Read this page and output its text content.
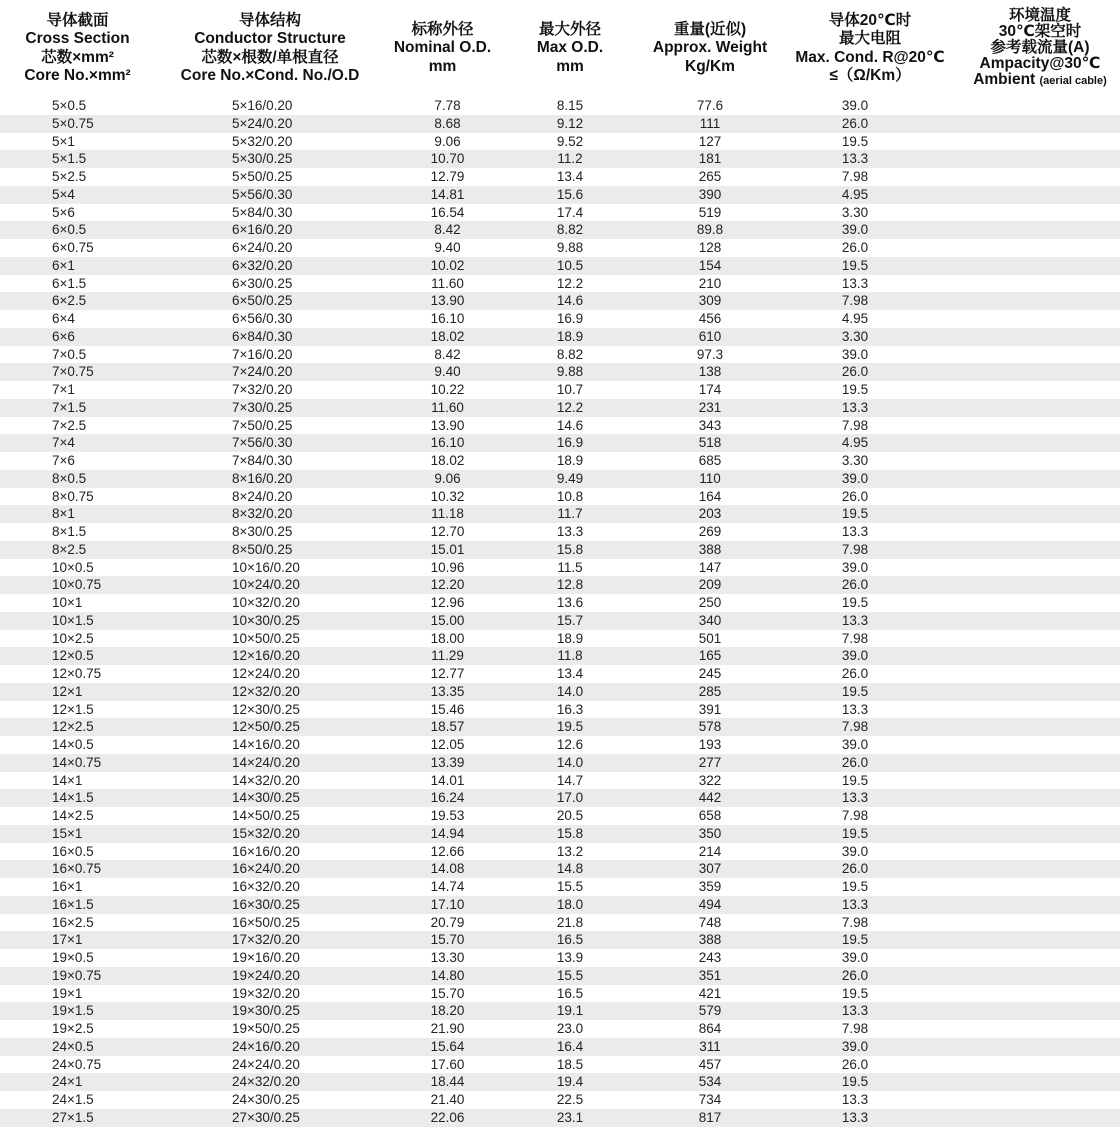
导体截面
Cross Section
芯数×mm²
Core No.×mm²	导体结构
Conductor Structure
芯数×根数/单根直径
Core No.×Cond. No./O.D	标称外径
Nominal O.D.
mm	最大外径
Max O.D.
mm	重量(近似)
Approx. Weight
Kg/Km	导体20℃时
最大电阻
Max. Cond. R@20℃
≤（Ω/Km）	环境温度
30℃架空时
参考载流量(A)
Ampacity@30℃
Ambient (aerial cable)

5×0.5	5×16/0.20	7.78	8.15	77.6	39.0	
5×0.75	5×24/0.20	8.68	9.12	111	26.0	
5×1	5×32/0.20	9.06	9.52	127	19.5	
5×1.5	5×30/0.25	10.70	11.2	181	13.3	
5×2.5	5×50/0.25	12.79	13.4	265	7.98	
5×4	5×56/0.30	14.81	15.6	390	4.95	
5×6	5×84/0.30	16.54	17.4	519	3.30	
6×0.5	6×16/0.20	8.42	8.82	89.8	39.0	
6×0.75	6×24/0.20	9.40	9.88	128	26.0	
6×1	6×32/0.20	10.02	10.5	154	19.5	
6×1.5	6×30/0.25	11.60	12.2	210	13.3	
6×2.5	6×50/0.25	13.90	14.6	309	7.98	
6×4	6×56/0.30	16.10	16.9	456	4.95	
6×6	6×84/0.30	18.02	18.9	610	3.30	
7×0.5	7×16/0.20	8.42	8.82	97.3	39.0	
7×0.75	7×24/0.20	9.40	9.88	138	26.0	
7×1	7×32/0.20	10.22	10.7	174	19.5	
7×1.5	7×30/0.25	11.60	12.2	231	13.3	
7×2.5	7×50/0.25	13.90	14.6	343	7.98	
7×4	7×56/0.30	16.10	16.9	518	4.95	
7×6	7×84/0.30	18.02	18.9	685	3.30	
8×0.5	8×16/0.20	9.06	9.49	110	39.0	
8×0.75	8×24/0.20	10.32	10.8	164	26.0	
8×1	8×32/0.20	11.18	11.7	203	19.5	
8×1.5	8×30/0.25	12.70	13.3	269	13.3	
8×2.5	8×50/0.25	15.01	15.8	388	7.98	
10×0.5	10×16/0.20	10.96	11.5	147	39.0	
10×0.75	10×24/0.20	12.20	12.8	209	26.0	
10×1	10×32/0.20	12.96	13.6	250	19.5	
10×1.5	10×30/0.25	15.00	15.7	340	13.3	
10×2.5	10×50/0.25	18.00	18.9	501	7.98	
12×0.5	12×16/0.20	11.29	11.8	165	39.0	
12×0.75	12×24/0.20	12.77	13.4	245	26.0	
12×1	12×32/0.20	13.35	14.0	285	19.5	
12×1.5	12×30/0.25	15.46	16.3	391	13.3	
12×2.5	12×50/0.25	18.57	19.5	578	7.98	
14×0.5	14×16/0.20	12.05	12.6	193	39.0	
14×0.75	14×24/0.20	13.39	14.0	277	26.0	
14×1	14×32/0.20	14.01	14.7	322	19.5	
14×1.5	14×30/0.25	16.24	17.0	442	13.3	
14×2.5	14×50/0.25	19.53	20.5	658	7.98	
15×1	15×32/0.20	14.94	15.8	350	19.5	
16×0.5	16×16/0.20	12.66	13.2	214	39.0	
16×0.75	16×24/0.20	14.08	14.8	307	26.0	
16×1	16×32/0.20	14.74	15.5	359	19.5	
16×1.5	16×30/0.25	17.10	18.0	494	13.3	
16×2.5	16×50/0.25	20.79	21.8	748	7.98	
17×1	17×32/0.20	15.70	16.5	388	19.5	
19×0.5	19×16/0.20	13.30	13.9	243	39.0	
19×0.75	19×24/0.20	14.80	15.5	351	26.0	
19×1	19×32/0.20	15.70	16.5	421	19.5	
19×1.5	19×30/0.25	18.20	19.1	579	13.3	
19×2.5	19×50/0.25	21.90	23.0	864	7.98	
24×0.5	24×16/0.20	15.64	16.4	311	39.0	
24×0.75	24×24/0.20	17.60	18.5	457	26.0	
24×1	24×32/0.20	18.44	19.4	534	19.5	
24×1.5	24×30/0.25	21.40	22.5	734	13.3	
27×1.5	27×30/0.25	22.06	23.1	817	13.3	
